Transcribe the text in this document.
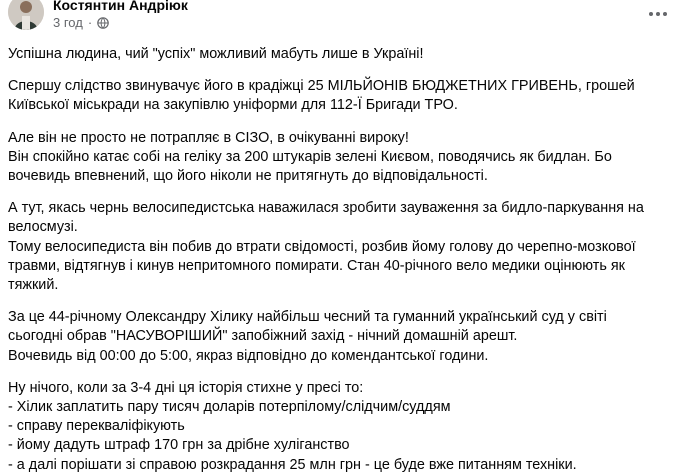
Костянтин Андріюк
3 год ·

Успішна людина, чий "успіх" можливий мабуть лише в Україні!

Спершу слідство звинувачує його в крадіжці 25 МІЛЬЙОНІВ БЮДЖЕТНИХ ГРИВЕНЬ, грошей
Київської міськради на закупівлю уніформи для 112-Ї Бригади ТРО.

Але він не просто не потрапляє в СІЗО, в очікуванні вироку!
Він спокійно катає собі на геліку за 200 штукарів зелені Києвом, поводячись як бидлан. Бо
вочевидь впевнений, що його ніколи не притягнуть до відповідальності.

А тут, якась чернь велосипедистська наважилася зробити зауваження за бидло-паркування на
велосмузі.
Тому велосипедиста він побив до втрати свідомості, розбив йому голову до черепно-мозкової
травми, відтягнув і кинув непритомного помирати. Стан 40-річного вело медики оцінюють як
тяжкий.

За це 44-річному Олександру Хілику найбільш чесний та гуманний український суд у світі
сьогодні обрав "НАСУВОРІШИЙ" запобіжний захід - нічний домашній арешт.
Вочевидь від 00:00 до 5:00, якраз відповідно до комендантської години.

Ну нічого, коли за 3-4 дні ця історія стихне у пресі то:
- Хілик заплатить пару тисяч доларів потерпілому/слідчим/суддям
- справу перекваліфікують
- йому дадуть штраф 170 грн за дрібне хуліганство
- а далі порішати зі справою розкрадання 25 млн грн - це буде вже питанням техніки.
